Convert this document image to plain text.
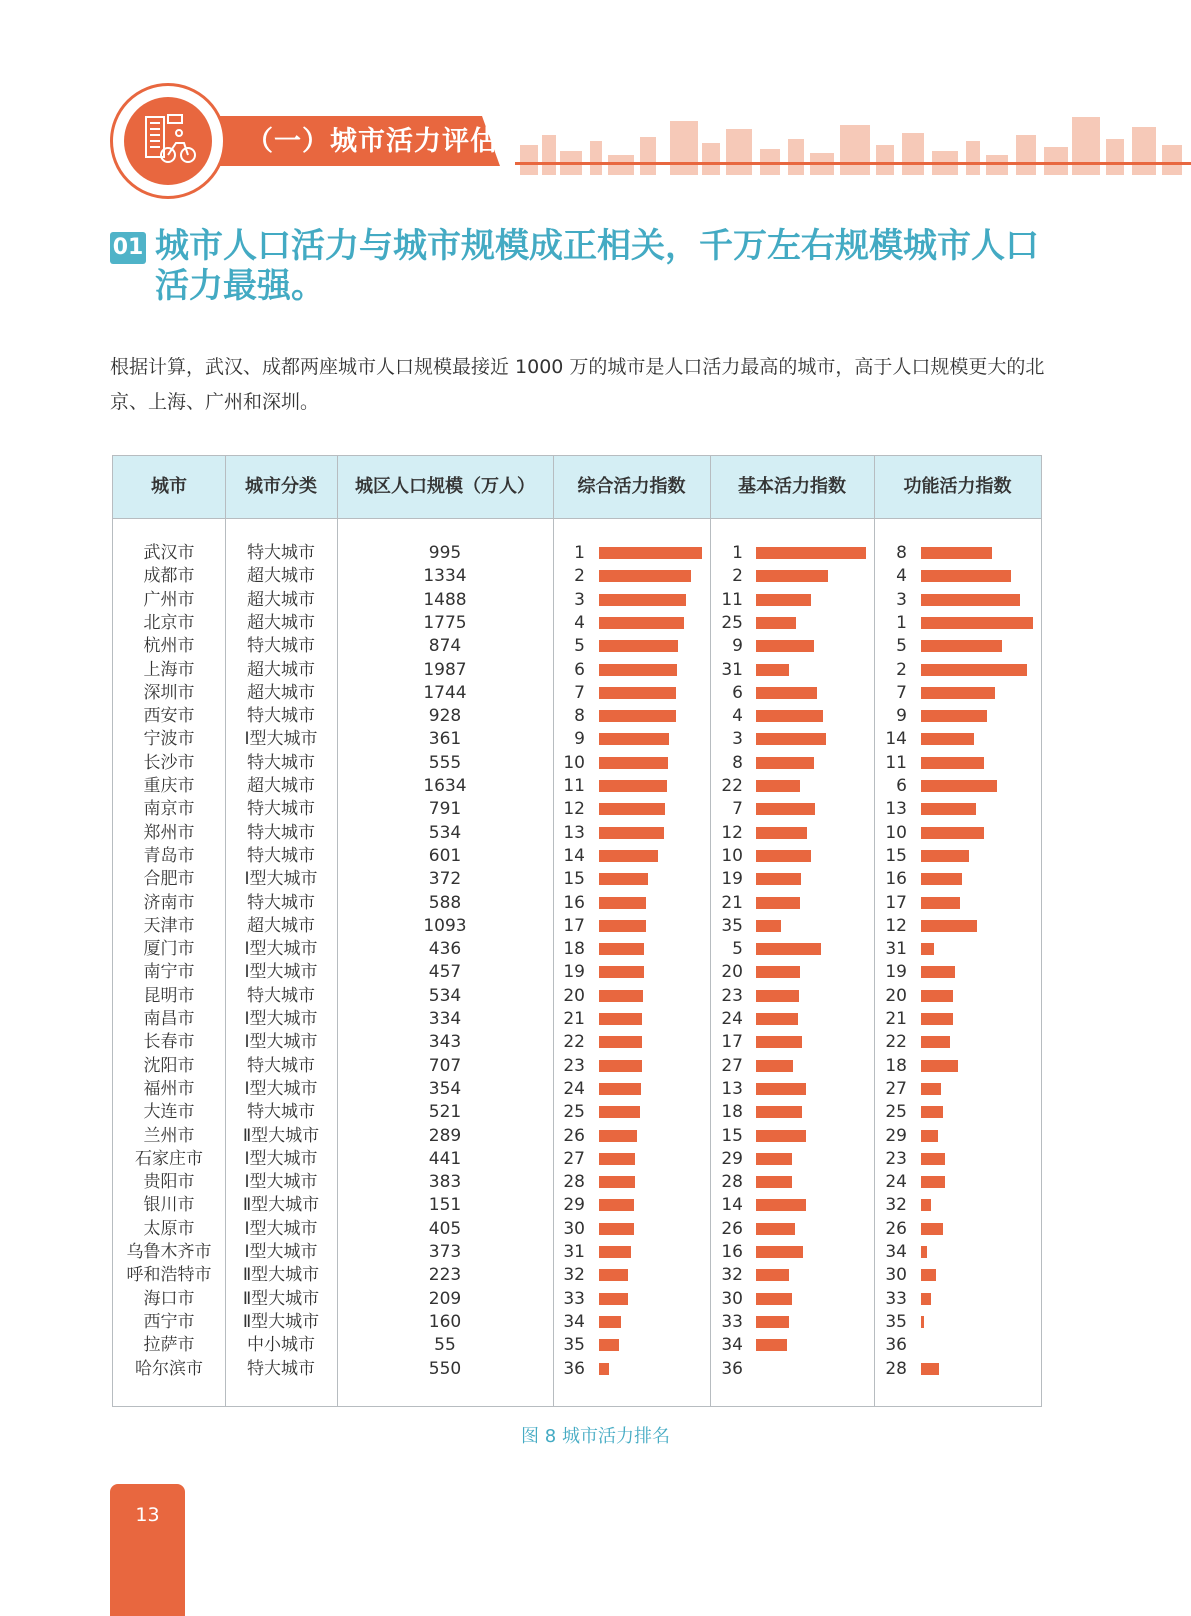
（一）城市活力评估
01 城市人口活力与城市规模成正相关，千万左右规模城市人口活力最强。
根据计算，武汉、成都两座城市人口规模最接近 1000 万的城市是人口活力最高的城市，高于人口规模更大的北京、上海、广州和深圳。
城市	城市分类	城区人口规模（万人）	综合活力指数	基本活力指数	功能活力指数
武汉市	特大城市	995	1	1	8
成都市	超大城市	1334	2	2	4
广州市	超大城市	1488	3	11	3
北京市	超大城市	1775	4	25	1
杭州市	特大城市	874	5	9	5
上海市	超大城市	1987	6	31	2
深圳市	超大城市	1744	7	6	7
西安市	特大城市	928	8	4	9
宁波市	Ⅰ型大城市	361	9	3	14
长沙市	特大城市	555	10	8	11
重庆市	超大城市	1634	11	22	6
南京市	特大城市	791	12	7	13
郑州市	特大城市	534	13	12	10
青岛市	特大城市	601	14	10	15
合肥市	Ⅰ型大城市	372	15	19	16
济南市	特大城市	588	16	21	17
天津市	超大城市	1093	17	35	12
厦门市	Ⅰ型大城市	436	18	5	31
南宁市	Ⅰ型大城市	457	19	20	19
昆明市	特大城市	534	20	23	20
南昌市	Ⅰ型大城市	334	21	24	21
长春市	Ⅰ型大城市	343	22	17	22
沈阳市	特大城市	707	23	27	18
福州市	Ⅰ型大城市	354	24	13	27
大连市	特大城市	521	25	18	25
兰州市	Ⅱ型大城市	289	26	15	29
石家庄市	Ⅰ型大城市	441	27	29	23
贵阳市	Ⅰ型大城市	383	28	28	24
银川市	Ⅱ型大城市	151	29	14	32
太原市	Ⅰ型大城市	405	30	26	26
乌鲁木齐市	Ⅰ型大城市	373	31	16	34
呼和浩特市	Ⅱ型大城市	223	32	32	30
海口市	Ⅱ型大城市	209	33	30	33
西宁市	Ⅱ型大城市	160	34	33	35
拉萨市	中小城市	55	35	34	36
哈尔滨市	特大城市	550	36	36	28
图 8 城市活力排名
13
